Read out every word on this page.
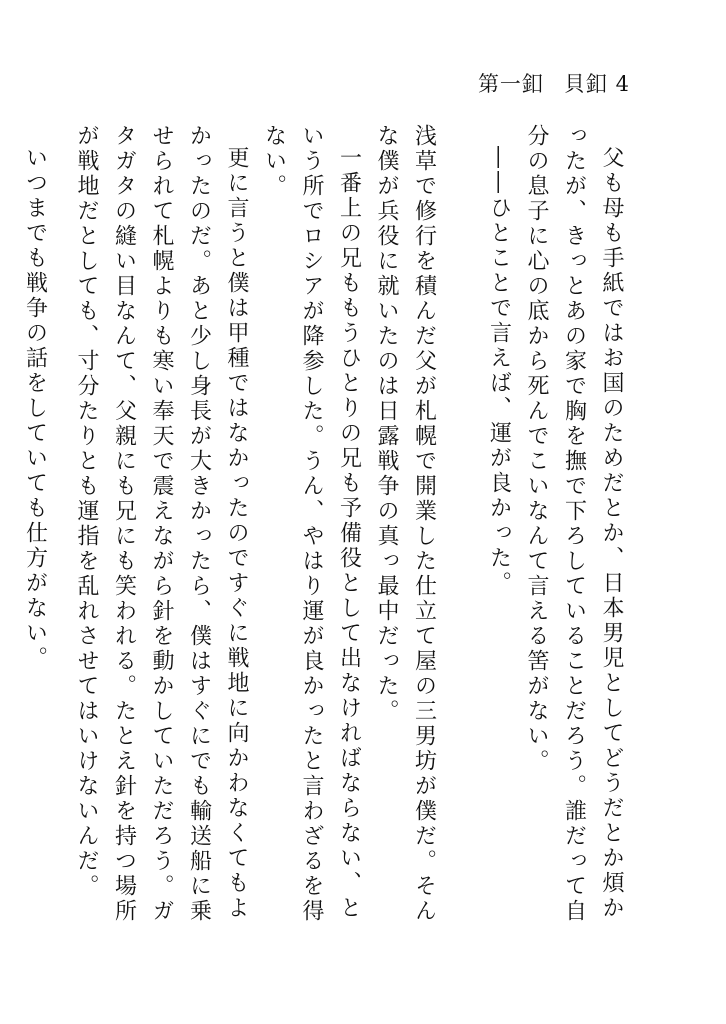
第一釦 貝釦 4

父も母も手紙ではお国のためだとか、日本男児としてどうだとか煩かったが、きっとあの家で胸を撫で下ろしていることだろう。誰だって自分の息子に心の底から死んでこいなんて言える筈がない。

――ひとことで言えば、運が良かった。

浅草で修行を積んだ父が札幌で開業した仕立て屋の三男坊が僕だ。そんな僕が兵役に就いたのは日露戦争の真っ最中だった。

一番上の兄ももうひとりの兄も予備役として出なければならない、という所でロシアが降参した。うん、やはり運が良かったと言わざるを得ない。

更に言うと僕は甲種ではなかったのですぐに戦地に向かわなくてもよかったのだ。あと少し身長が大きかったら、僕はすぐにでも輸送船に乗せられて札幌よりも寒い奉天で震えながら針を動かしていただろう。ガタガタの縫い目なんて、父親にも兄にも笑われる。たとえ針を持つ場所が戦地だとしても、寸分たりとも運指を乱れさせてはいけないんだ。

いつまでも戦争の話をしていても仕方がない。
